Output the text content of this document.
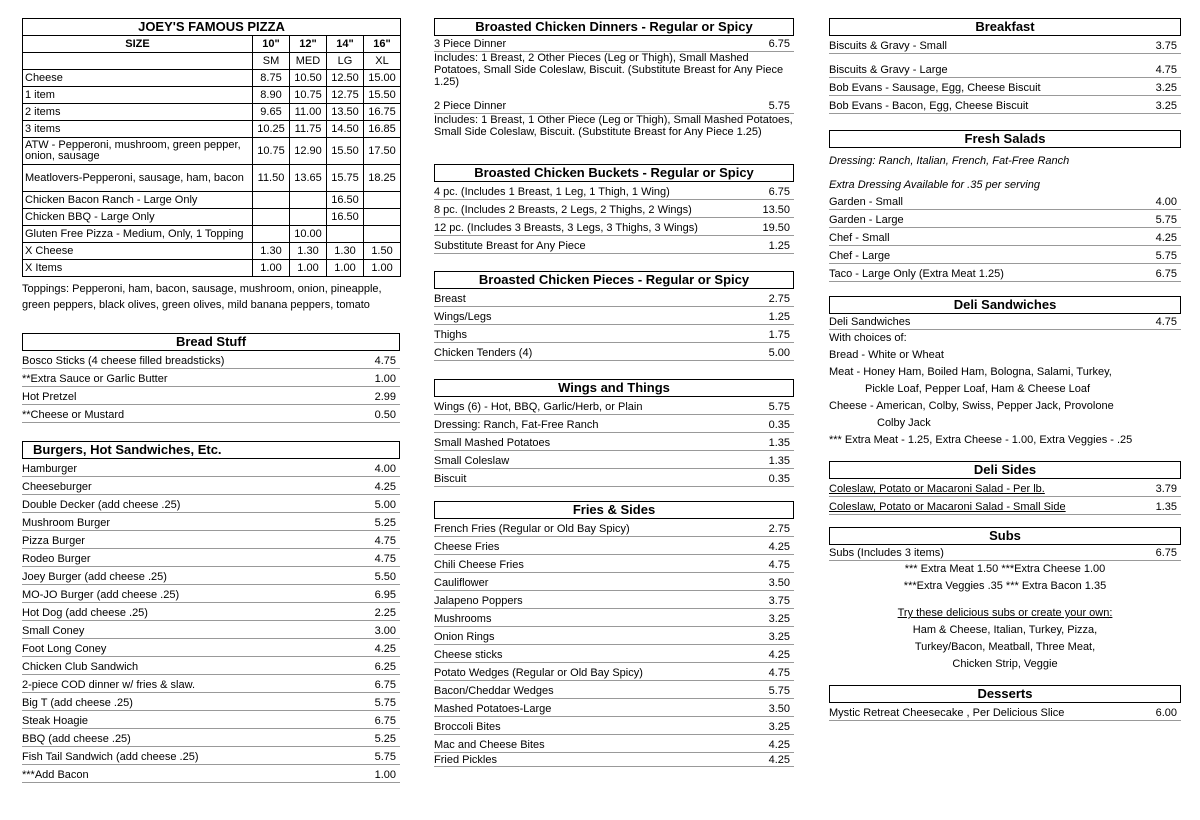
JOEY'S FAMOUS PIZZA				
SIZE	10"	12"	14"	16"
	SM	MED	LG	XL
Cheese	8.75	10.50	12.50	15.00
1 item	8.90	10.75	12.75	15.50
2 items	9.65	11.00	13.50	16.75
3 items	10.25	11.75	14.50	16.85
ATW - Pepperoni, mushroom, green pepper, onion, sausage	10.75	12.90	15.50	17.50
Meatlovers-Pepperoni, sausage, ham, bacon	11.50	13.65	15.75	18.25
Chicken Bacon Ranch - Large Only			16.50	
Chicken BBQ - Large Only			16.50	
Gluten Free Pizza - Medium, Only, 1 Topping		10.00		
X Cheese	1.30	1.30	1.30	1.50
X Items	1.00	1.00	1.00	1.00
Toppings: Pepperoni, ham, bacon, sausage, mushroom, onion, pineapple, green peppers, black olives, green olives, mild banana peppers, tomato
Bread Stuff
Bosco Sticks (4 cheese filled breadsticks)	4.75
**Extra Sauce or Garlic Butter	1.00
Hot Pretzel	2.99
**Cheese or Mustard	0.50
Burgers, Hot Sandwiches, Etc.
Hamburger	4.00
Cheeseburger	4.25
Double Decker (add cheese .25)	5.00
Mushroom Burger	5.25
Pizza Burger	4.75
Rodeo Burger	4.75
Joey Burger (add cheese .25)	5.50
MO-JO Burger (add cheese .25)	6.95
Hot Dog (add cheese .25)	2.25
Small Coney	3.00
Foot Long Coney	4.25
Chicken Club Sandwich	6.25
2-piece COD dinner w/ fries & slaw.	6.75
Big T (add cheese .25)	5.75
Steak Hoagie	6.75
BBQ (add cheese .25)	5.25
Fish Tail Sandwich (add cheese .25)	5.75
***Add Bacon	1.00
Broasted Chicken Dinners - Regular or Spicy
3 Piece Dinner	6.75
Includes: 1 Breast, 2 Other Pieces (Leg or Thigh), Small Mashed Potatoes, Small Side Coleslaw, Biscuit. (Substitute Breast for Any Piece 1.25)
2 Piece Dinner	5.75
Includes: 1 Breast, 1 Other Piece (Leg or Thigh), Small Mashed Potatoes, Small Side Coleslaw, Biscuit. (Substitute Breast for Any Piece 1.25)
Broasted Chicken Buckets - Regular or Spicy
4 pc. (Includes 1 Breast, 1 Leg, 1 Thigh, 1 Wing)	6.75
8 pc. (Includes 2 Breasts, 2 Legs, 2 Thighs, 2 Wings)	13.50
12 pc. (Includes 3 Breasts, 3 Legs, 3 Thighs, 3 Wings)	19.50
Substitute Breast for Any Piece	1.25
Broasted Chicken Pieces - Regular or Spicy
Breast	2.75
Wings/Legs	1.25
Thighs	1.75
Chicken Tenders (4)	5.00
Wings and Things
Wings (6) - Hot, BBQ, Garlic/Herb, or Plain	5.75
Dressing: Ranch, Fat-Free Ranch	0.35
Small Mashed Potatoes	1.35
Small Coleslaw	1.35
Biscuit	0.35
Fries & Sides
French Fries (Regular or Old Bay Spicy)	2.75
Cheese Fries	4.25
Chili Cheese Fries	4.75
Cauliflower	3.50
Jalapeno Poppers	3.75
Mushrooms	3.25
Onion Rings	3.25
Cheese sticks	4.25
Potato Wedges (Regular or Old Bay Spicy)	4.75
Bacon/Cheddar Wedges	5.75
Mashed Potatoes-Large	3.50
Broccoli Bites	3.25
Mac and Cheese Bites	4.25
Fried Pickles	4.25
Breakfast
Biscuits & Gravy - Small	3.75
Biscuits & Gravy - Large	4.75
Bob Evans - Sausage, Egg, Cheese Biscuit	3.25
Bob Evans - Bacon, Egg, Cheese Biscuit	3.25
Fresh Salads
Dressing: Ranch, Italian, French, Fat-Free Ranch
Extra Dressing Available for .35 per serving
Garden - Small	4.00
Garden - Large	5.75
Chef - Small	4.25
Chef - Large	5.75
Taco - Large Only (Extra Meat 1.25)	6.75
Deli Sandwiches
Deli Sandwiches	4.75
With choices of:
Bread - White or Wheat
Meat - Honey Ham, Boiled Ham, Bologna, Salami, Turkey,
Pickle Loaf, Pepper Loaf, Ham & Cheese Loaf
Cheese - American, Colby, Swiss, Pepper Jack, Provolone
Colby Jack
*** Extra Meat - 1.25, Extra Cheese - 1.00, Extra Veggies - .25
Deli Sides
Coleslaw, Potato or Macaroni Salad - Per lb.	3.79
Coleslaw, Potato or Macaroni Salad - Small Side	1.35
Subs
Subs (Includes 3 items)	6.75
*** Extra Meat 1.50 ***Extra Cheese 1.00
***Extra Veggies .35 *** Extra Bacon 1.35
Try these delicious subs or create your own:
Ham & Cheese, Italian, Turkey, Pizza,
Turkey/Bacon, Meatball, Three Meat,
Chicken Strip, Veggie
Desserts
Mystic Retreat Cheesecake , Per Delicious Slice	6.00
